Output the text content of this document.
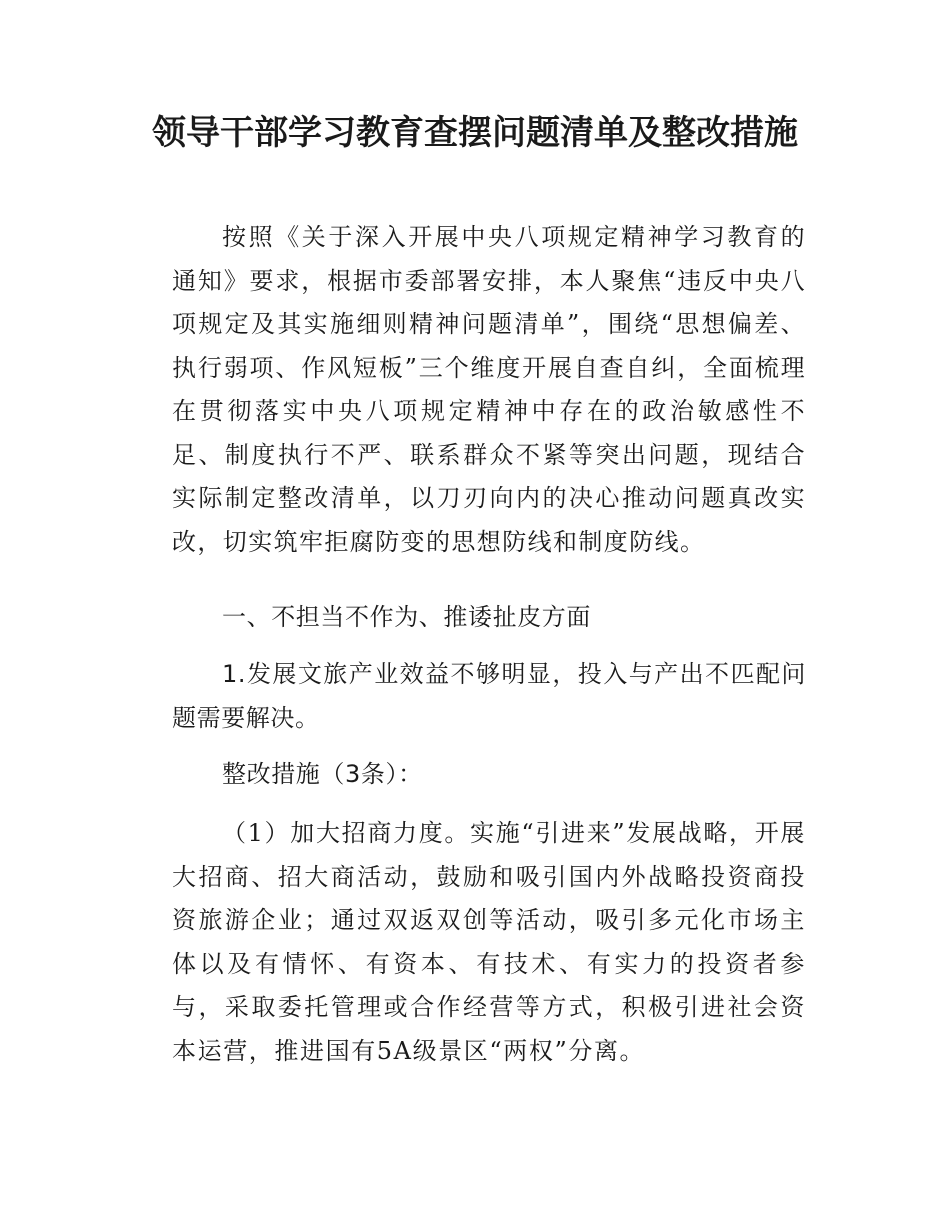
领导干部学习教育查摆问题清单及整改措施
按照《关于深入开展中央八项规定精神学习教育的通知》要求，根据市委部署安排，本人聚焦“违反中央八项规定及其实施细则精神问题清单”，围绕“思想偏差、执行弱项、作风短板”三个维度开展自查自纠，全面梳理在贯彻落实中央八项规定精神中存在的政治敏感性不足、制度执行不严、联系群众不紧等突出问题，现结合实际制定整改清单，以刀刃向内的决心推动问题真改实改，切实筑牢拒腐防变的思想防线和制度防线。
一、不担当不作为、推诿扯皮方面
1.发展文旅产业效益不够明显，投入与产出不匹配问题需要解决。
整改措施（3条）：
（1）加大招商力度。实施“引进来”发展战略，开展大招商、招大商活动，鼓励和吸引国内外战略投资商投资旅游企业；通过双返双创等活动，吸引多元化市场主体以及有情怀、有资本、有技术、有实力的投资者参与，采取委托管理或合作经营等方式，积极引进社会资本运营，推进国有5A级景区“两权”分离。
